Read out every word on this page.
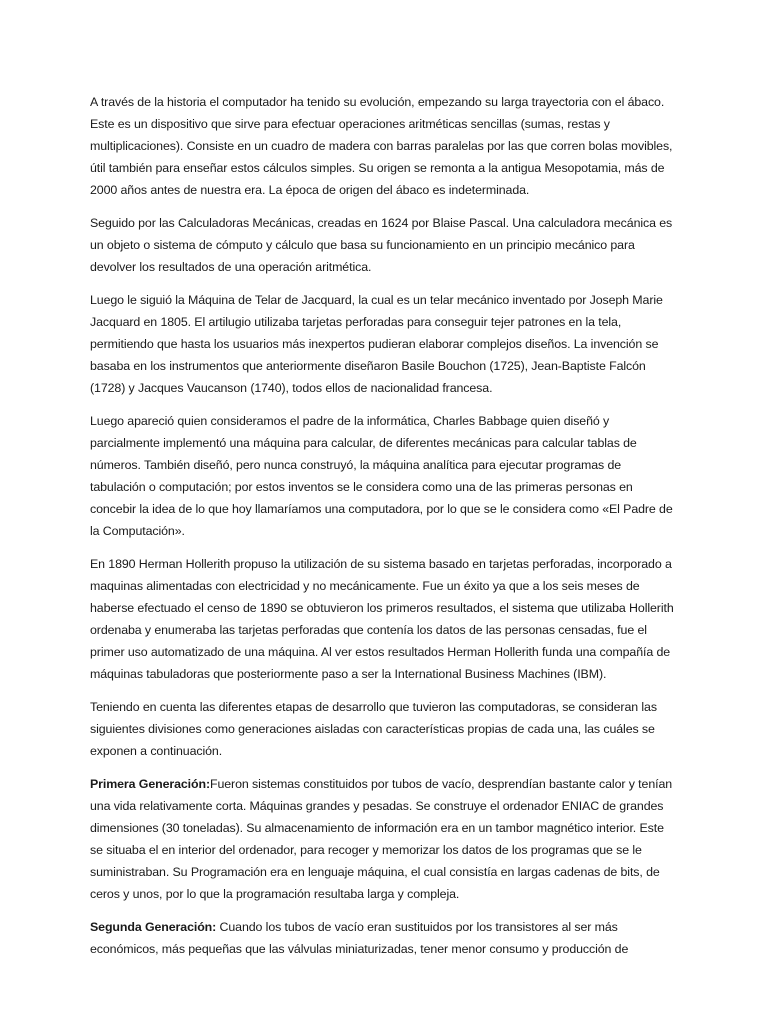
A través de la historia el computador ha tenido su evolución, empezando su larga trayectoria con el ábaco. Este es un dispositivo que sirve para efectuar operaciones aritméticas sencillas (sumas, restas y multiplicaciones). Consiste en un cuadro de madera con barras paralelas por las que corren bolas movibles, útil también para enseñar estos cálculos simples. Su origen se remonta a la antigua Mesopotamia, más de 2000 años antes de nuestra era. La época de origen del ábaco es indeterminada.

Seguido por las Calculadoras Mecánicas, creadas en 1624 por Blaise Pascal. Una calculadora mecánica es un objeto o sistema de cómputo y cálculo que basa su funcionamiento en un principio mecánico para devolver los resultados de una operación aritmética.

Luego le siguió la Máquina de Telar de Jacquard, la cual es un telar mecánico inventado por Joseph Marie Jacquard en 1805. El artilugio utilizaba tarjetas perforadas para conseguir tejer patrones en la tela, permitiendo que hasta los usuarios más inexpertos pudieran elaborar complejos diseños. La invención se basaba en los instrumentos que anteriormente diseñaron Basile Bouchon (1725), Jean-Baptiste Falcón (1728) y Jacques Vaucanson (1740), todos ellos de nacionalidad francesa.

Luego apareció quien consideramos el padre de la informática, Charles Babbage quien diseñó y parcialmente implementó una máquina para calcular, de diferentes mecánicas para calcular tablas de números. También diseñó, pero nunca construyó, la máquina analítica para ejecutar programas de tabulación o computación; por estos inventos se le considera como una de las primeras personas en concebir la idea de lo que hoy llamaríamos una computadora, por lo que se le considera como «El Padre de la Computación».

En 1890 Herman Hollerith propuso la utilización de su sistema basado en tarjetas perforadas, incorporado a maquinas alimentadas con electricidad y no mecánicamente. Fue un éxito ya que a los seis meses de haberse efectuado el censo de 1890 se obtuvieron los primeros resultados, el sistema que utilizaba Hollerith ordenaba y enumeraba las tarjetas perforadas que contenía los datos de las personas censadas, fue el primer uso automatizado de una máquina. Al ver estos resultados Herman Hollerith funda una compañía de máquinas tabuladoras que posteriormente paso a ser la International Business Machines (IBM).

Teniendo en cuenta las diferentes etapas de desarrollo que tuvieron las computadoras, se consideran las siguientes divisiones como generaciones aisladas con características propias de cada una, las cuáles se exponen a continuación.

Primera Generación:Fueron sistemas constituidos por tubos de vacío, desprendían bastante calor y tenían una vida relativamente corta. Máquinas grandes y pesadas. Se construye el ordenador ENIAC de grandes dimensiones (30 toneladas). Su almacenamiento de información era en un tambor magnético interior. Este se situaba el en interior del ordenador, para recoger y memorizar los datos de los programas que se le suministraban. Su Programación era en lenguaje máquina, el cual consistía en largas cadenas de bits, de ceros y unos, por lo que la programación resultaba larga y compleja.

Segunda Generación: Cuando los tubos de vacío eran sustituidos por los transistores al ser más económicos, más pequeñas que las válvulas miniaturizadas, tener menor consumo y producción de
